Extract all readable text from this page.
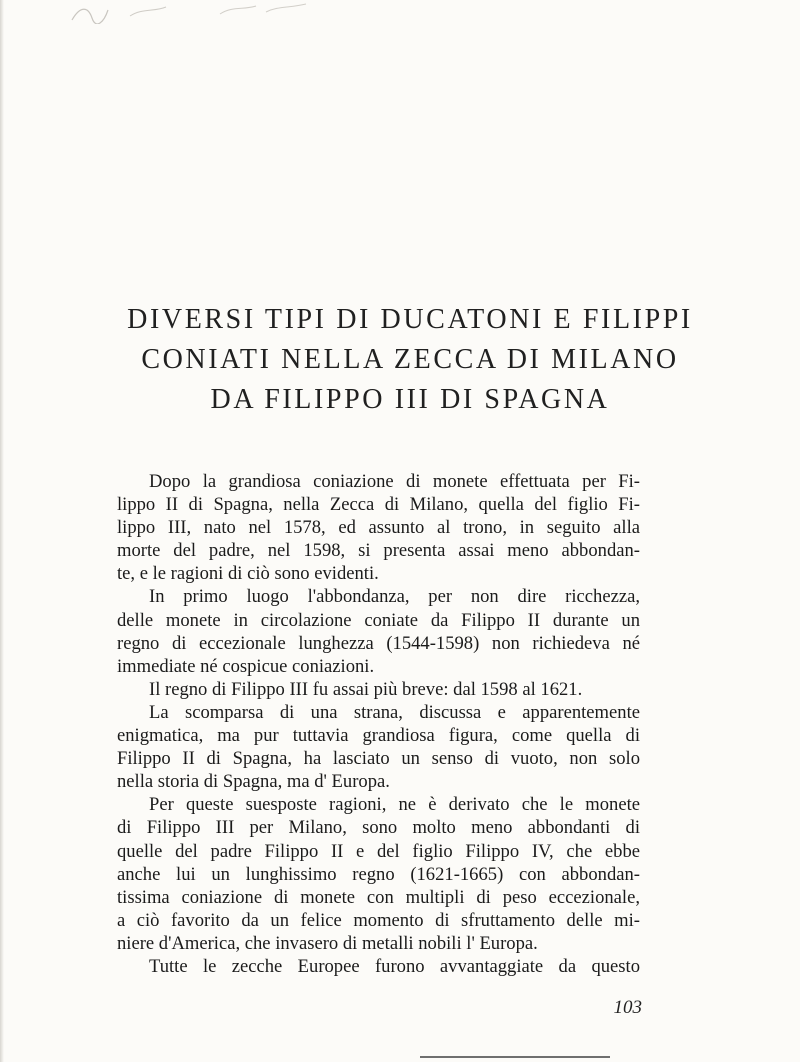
DIVERSI TIPI DI DUCATONI E FILIPPI
CONIATI NELLA ZECCA DI MILANO
DA FILIPPO III DI SPAGNA
Dopo la grandiosa coniazione di monete effettuata per Fi-
lippo II di Spagna, nella Zecca di Milano, quella del figlio Fi-
lippo III, nato nel 1578, ed assunto al trono, in seguito alla
morte del padre, nel 1598, si presenta assai meno abbondan-
te, e le ragioni di ciò sono evidenti.
In primo luogo l'abbondanza, per non dire ricchezza,
delle monete in circolazione coniate da Filippo II durante un
regno di eccezionale lunghezza (1544-1598) non richiedeva né
immediate né cospicue coniazioni.
Il regno di Filippo III fu assai più breve: dal 1598 al 1621.
La scomparsa di una strana, discussa e apparentemente
enigmatica, ma pur tuttavia grandiosa figura, come quella di
Filippo II di Spagna, ha lasciato un senso di vuoto, non solo
nella storia di Spagna, ma d' Europa.
Per queste suesposte ragioni, ne è derivato che le monete
di Filippo III per Milano, sono molto meno abbondanti di
quelle del padre Filippo II e del figlio Filippo IV, che ebbe
anche lui un lunghissimo regno (1621-1665) con abbondan-
tissima coniazione di monete con multipli di peso eccezionale,
a ciò favorito da un felice momento di sfruttamento delle mi-
niere d'America, che invasero di metalli nobili l' Europa.
Tutte le zecche Europee furono avvantaggiate da questo
103
